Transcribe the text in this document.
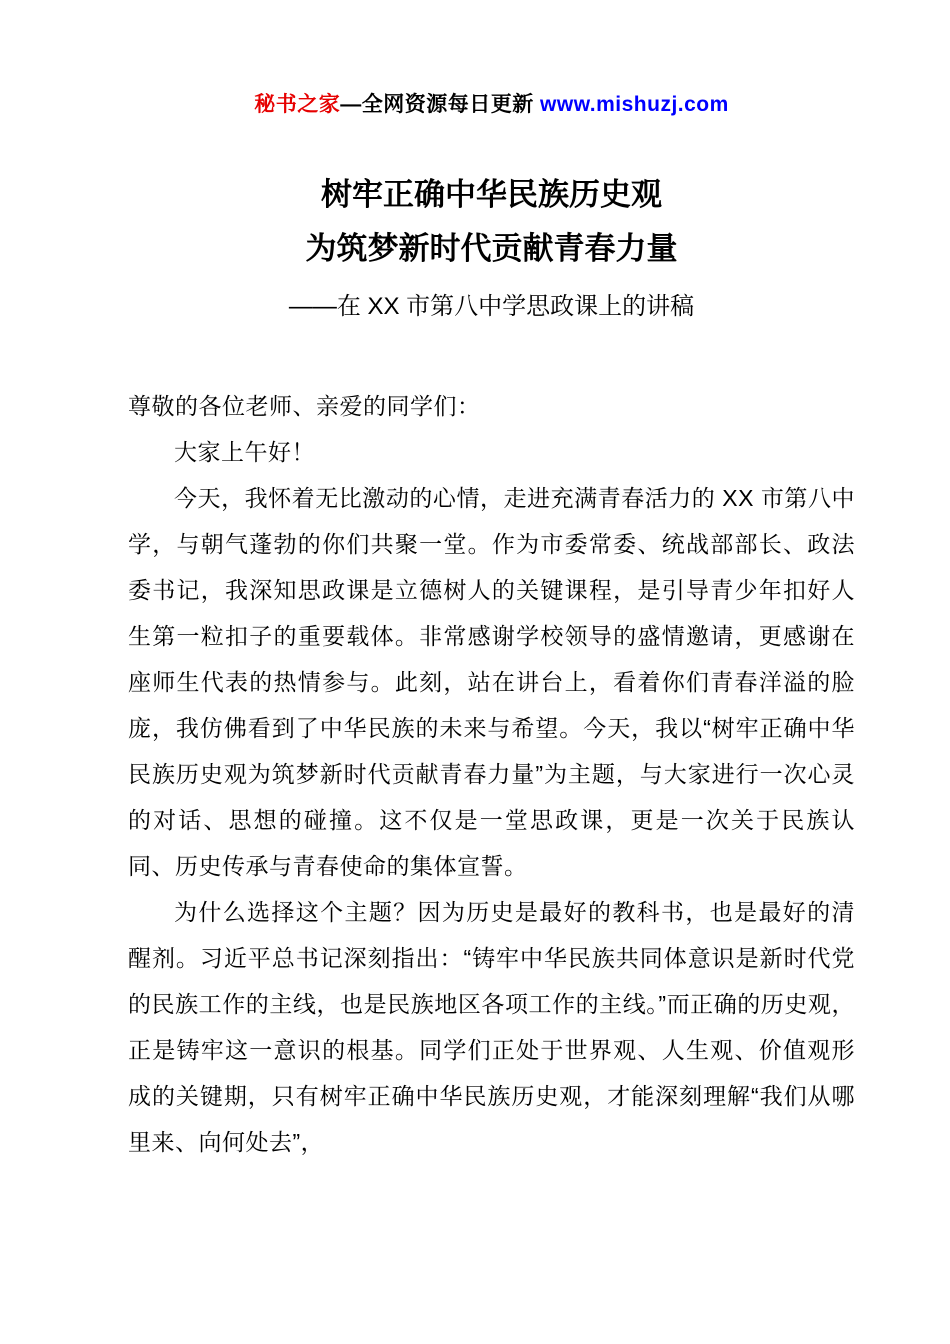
秘书之家—全网资源每日更新 www.mishuzj.com
树牢正确中华民族历史观
为筑梦新时代贡献青春力量
——在 XX 市第八中学思政课上的讲稿

尊敬的各位老师、亲爱的同学们：

大家上午好！

今天，我怀着无比激动的心情，走进充满青春活力的 XX 市第八中学，与朝气蓬勃的你们共聚一堂。作为市委常委、统战部部长、政法委书记，我深知思政课是立德树人的关键课程，是引导青少年扣好人生第一粒扣子的重要载体。非常感谢学校领导的盛情邀请，更感谢在座师生代表的热情参与。此刻，站在讲台上，看着你们青春洋溢的脸庞，我仿佛看到了中华民族的未来与希望。今天，我以“树牢正确中华民族历史观为筑梦新时代贡献青春力量”为主题，与大家进行一次心灵的对话、思想的碰撞。这不仅是一堂思政课，更是一次关于民族认同、历史传承与青春使命的集体宣誓。

为什么选择这个主题？因为历史是最好的教科书，也是最好的清醒剂。习近平总书记深刻指出：“铸牢中华民族共同体意识是新时代党的民族工作的主线，也是民族地区各项工作的主线。”而正确的历史观，正是铸牢这一意识的根基。同学们正处于世界观、人生观、价值观形成的关键期，只有树牢正确中华民族历史观，才能深刻理解“我们从哪里来、向何处去”，
